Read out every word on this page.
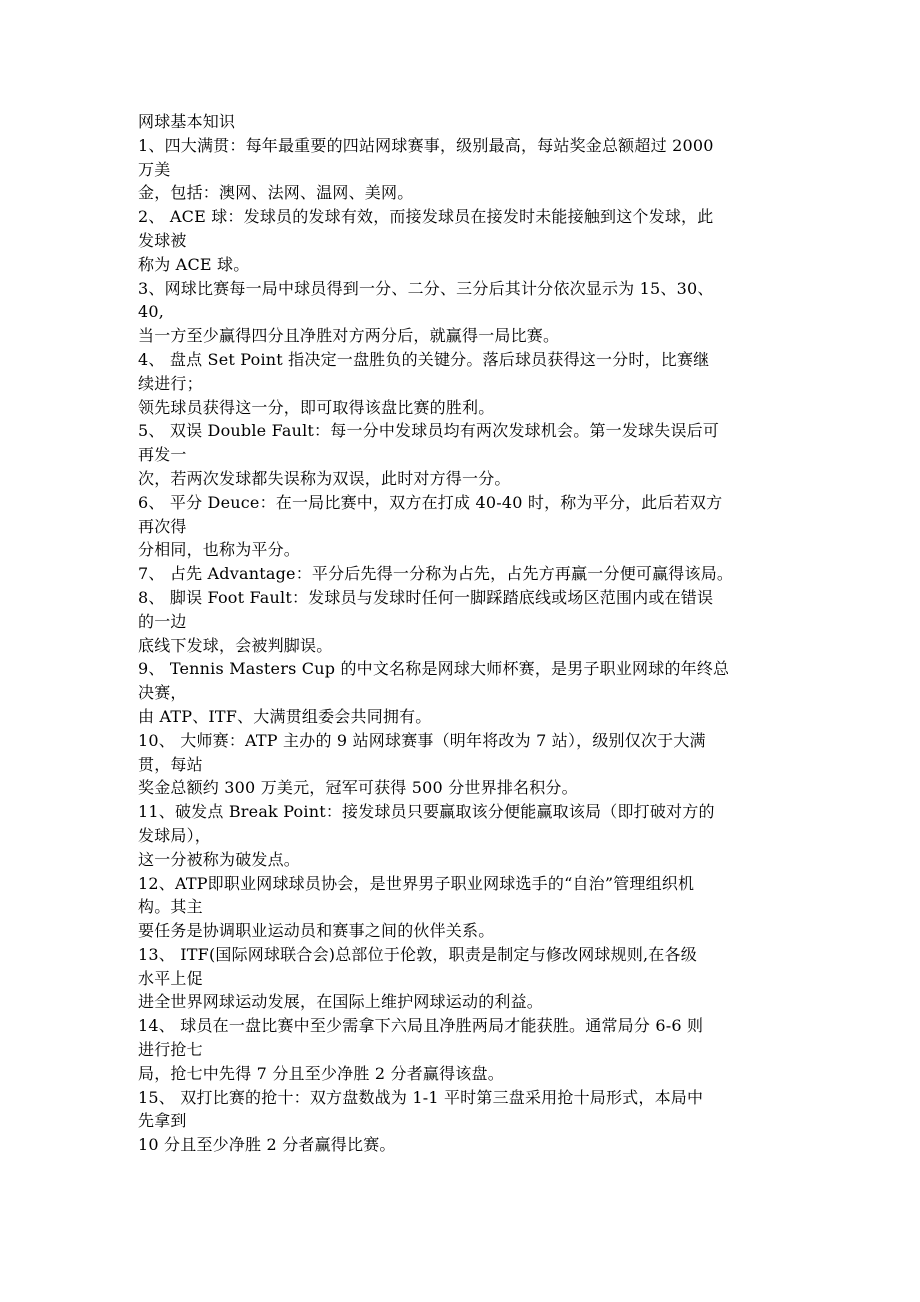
网球基本知识
1、四大满贯：每年最重要的四站网球赛事，级别最高，每站奖金总额超过 2000
万美
金，包括：澳网、法网、温网、美网。
2、 ACE 球：发球员的发球有效，而接发球员在接发时未能接触到这个发球，此
发球被
称为 ACE 球。
3、网球比赛每一局中球员得到一分、二分、三分后其计分依次显示为 15、30、
40,
当一方至少赢得四分且净胜对方两分后，就赢得一局比赛。
4、 盘点 Set Point 指决定一盘胜负的关键分。落后球员获得这一分时，比赛继
续进行；
领先球员获得这一分，即可取得该盘比赛的胜利。
5、 双误 Double Fault：每一分中发球员均有两次发球机会。第一发球失误后可
再发一
次，若两次发球都失误称为双误，此时对方得一分。
6、 平分 Deuce：在一局比赛中，双方在打成 40-40 时，称为平分，此后若双方
再次得
分相同，也称为平分。
7、 占先 Advantage：平分后先得一分称为占先，占先方再赢一分便可赢得该局。
8、 脚误 Foot Fault：发球员与发球时任何一脚踩踏底线或场区范围内或在错误
的一边
底线下发球，会被判脚误。
9、 Tennis Masters Cup 的中文名称是网球大师杯赛，是男子职业网球的年终总
决赛，
由 ATP、ITF、大满贯组委会共同拥有。
10、 大师赛：ATP 主办的 9 站网球赛事（明年将改为 7 站），级别仅次于大满
贯，每站
奖金总额约 300 万美元，冠军可获得 500 分世界排名积分。
11、破发点 Break Point：接发球员只要赢取该分便能赢取该局（即打破对方的
发球局），
这一分被称为破发点。
12、ATP即职业网球球员协会，是世界男子职业网球选手的“自治”管理组织机
构。其主
要任务是协调职业运动员和赛事之间的伙伴关系。
13、 ITF(国际网球联合会)总部位于伦敦，职责是制定与修改网球规则,在各级
水平上促
进全世界网球运动发展，在国际上维护网球运动的利益。
14、 球员在一盘比赛中至少需拿下六局且净胜两局才能获胜。通常局分 6-6 则
进行抢七
局，抢七中先得 7 分且至少净胜 2 分者赢得该盘。
15、 双打比赛的抢十：双方盘数战为 1-1 平时第三盘采用抢十局形式，本局中
先拿到
10 分且至少净胜 2 分者赢得比赛。
